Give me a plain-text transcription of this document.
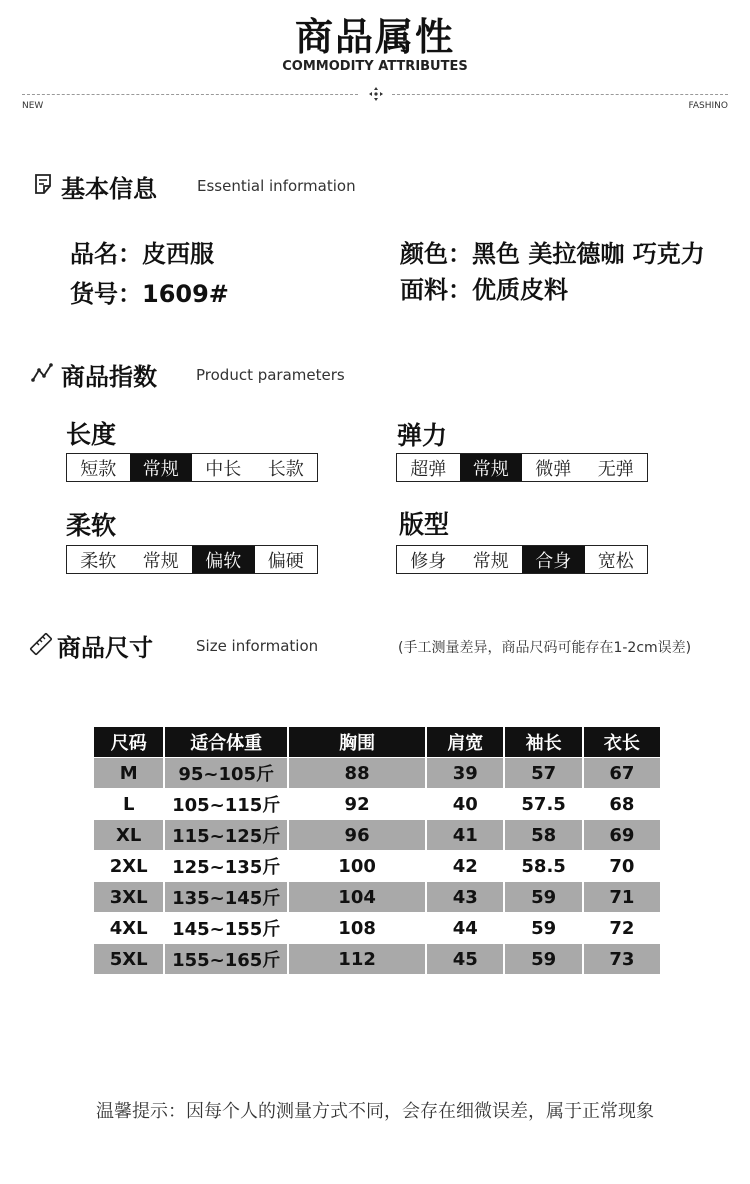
商品属性
COMMODITY ATTRIBUTES
NEW	FASHINO
基本信息	Essential information
品名：皮西服
货号：1609#
颜色：黑色 美拉德咖 巧克力
面料：优质皮料
商品指数	Product parameters
长度
短款	常规	中长	长款
弹力
超弹	常规	微弹	无弹
柔软
柔软	常规	偏软	偏硬
版型
修身	常规	合身	宽松
商品尺寸	Size information	(手工测量差异，商品尺码可能存在1-2cm误差)
尺码	适合体重	胸围	肩宽	袖长	衣长
M	95~105斤	88	39	57	67
L	105~115斤	92	40	57.5	68
XL	115~125斤	96	41	58	69
2XL	125~135斤	100	42	58.5	70
3XL	135~145斤	104	43	59	71
4XL	145~155斤	108	44	59	72
5XL	155~165斤	112	45	59	73
温馨提示：因每个人的测量方式不同，会存在细微误差，属于正常现象
